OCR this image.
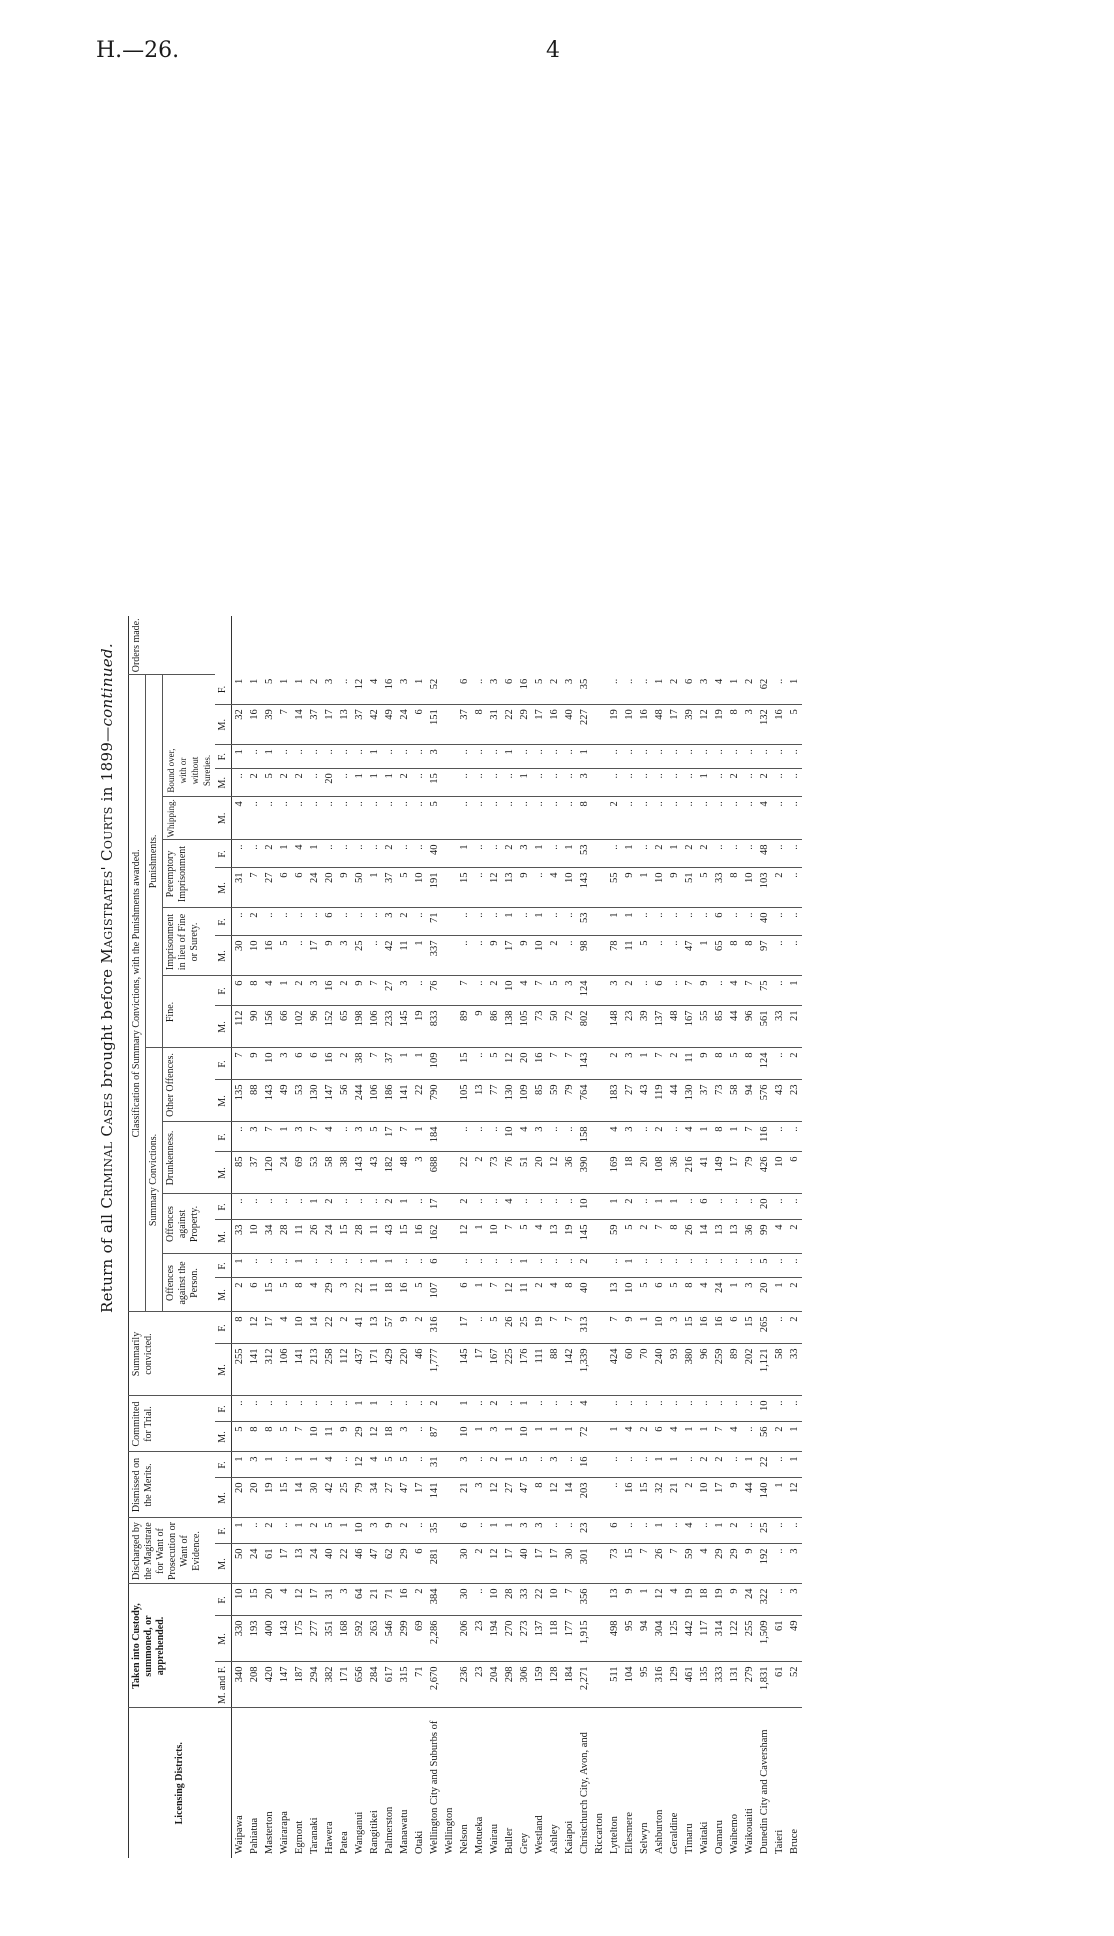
H.—26.	4
Return of all Criminal Cases brought before Magistrates' Courts in 1899—continued.
Licensing Districts.	Taken into Custody, summoned, or apprehended.			Discharged by the Magistrate for Want of Prosecution or Want of Evidence.		Dismissed on the Merits.		Committed for Trial.		Summarily convicted.		Classification of Summary Convictions, with the Punishments awarded.																			Orders made.
												Summary Convictions.								Punishments.											
												Offences against the Person.		Offences against Property.		Drunkenness.		Other Offences.		Fine.		Imprisonment in lieu of Fine or Surety.		Peremptory Imprisonment		Whipping.	Bound over, with or without Sureties.				
	M. and F.	M.	F.	M.	F.	M.	F.	M.	F.	M.	F.	M.	F.	M.	F.	M.	F.	M.	F.	M.	F.	M.	F.	M.	F.	M.	M.	F.	M.	F.	
Waipawa	340	330	10	50	1	20	1	5	..	255	8	2	1	33	..	85	..	135	7	112	6	30	..	31	..	4	..	1	32	1	
Pahiatua	208	193	15	24	..	20	3	8	..	141	12	6	..	10	..	37	3	88	9	90	8	10	2	7	..	..	2	..	16	1	
Masterton	420	400	20	61	2	19	1	8	..	312	17	15	..	34	..	120	7	143	10	156	4	16	..	27	2	..	5	1	39	5	
Wairarapa	147	143	4	17	..	15	..	5	..	106	4	5	..	28	..	24	1	49	3	66	1	5	..	6	1	..	2	..	7	1	
Egmont	187	175	12	13	1	14	1	7	..	141	10	8	1	11	..	69	3	53	6	102	2	..	..	6	4	..	2	..	14	1	
Taranaki	294	277	17	24	2	30	1	10	..	213	14	4	..	26	1	53	7	130	6	96	3	17	..	24	1	..	..	..	37	2	
Hawera	382	351	31	40	5	42	4	11	..	258	22	29	..	24	2	58	4	147	16	152	16	9	6	20	..	..	20	..	17	3	
Patea	171	168	3	22	1	25	..	9	..	112	2	3	..	15	..	38	..	56	2	65	2	3	..	9	..	..	..	..	13	..	
Wanganui	656	592	64	46	10	79	12	29	1	437	41	22	..	28	..	143	3	244	38	198	9	25	..	50	..	..	1	..	37	12	
Rangitikei	284	263	21	47	3	34	4	12	1	171	13	11	1	11	..	43	5	106	7	106	7	..	..	1	..	..	1	1	42	4	
Palmerston	617	546	71	62	9	27	5	18	..	429	57	18	1	43	2	182	17	186	37	233	27	42	3	37	2	..	1	..	49	16	
Manawatu	315	299	16	29	2	47	5	3	..	220	9	16	..	15	1	48	7	141	1	145	3	11	2	5	..	..	2	..	24	3	
Otaki	71	69	2	6	..	17	..	..	..	46	2	5	..	16	..	3	1	22	1	19	..	1	..	10	..	..	..	..	6	1	
Wellington City and Suburbs of Wellington	2,670	2,286	384	281	35	141	31	87	2	1,777	316	107	6	162	17	688	184	790	109	833	76	337	71	191	40	5	15	3	151	52	
Nelson	236	206	30	30	6	21	3	10	1	145	17	6	..	12	2	22	..	105	15	89	7	..	..	15	1	..	..	..	37	6	
Motueka	23	23	..	2	..	3	..	1	..	17	..	1	..	1	..	2	..	13	..	9	..	..	..	..	..	..	..	..	8	..	
Wairau	204	194	10	12	1	12	2	3	2	167	5	7	..	10	..	73	..	77	5	86	2	9	..	12	..	..	..	..	31	3	
Buller	298	270	28	17	1	27	1	1	..	225	26	12	..	7	4	76	10	130	12	138	10	17	1	13	2	..	..	1	22	6	
Grey	306	273	33	40	3	47	5	10	1	176	25	11	1	5	..	51	4	109	20	105	4	9	..	9	3	..	1	..	29	16	
Westland	159	137	22	17	3	8	..	1	..	111	19	2	..	4	..	20	3	85	16	73	7	10	1	..	1	..	..	..	17	5	
Ashley	128	118	10	17	..	12	3	1	..	88	7	4	..	13	..	12	..	59	7	50	5	2	..	4	..	..	..	..	16	2	
Kaiapoi	184	177	7	30	..	14	..	1	..	142	7	8	..	19	..	36	..	79	7	72	3	..	..	10	1	..	..	..	40	3	
Christchurch City, Avon, and Riccarton	2,271	1,915	356	301	23	203	16	72	4	1,339	313	40	2	145	10	390	158	764	143	802	124	98	53	143	53	8	3	1	227	35	
Lyttelton	511	498	13	73	6	..	..	1	..	424	7	13	..	59	1	169	4	183	2	148	3	78	1	55	..	2	..	..	19	..	
Ellesmere	104	95	9	15	..	16	..	4	..	60	9	10	1	5	2	18	3	27	3	23	2	11	1	9	1	..	..	..	10	..	
Selwyn	95	94	1	7	..	15	..	2	..	70	1	5	..	2	..	20	..	43	1	39	..	5	..	1	..	..	..	..	16	..	
Ashburton	316	304	12	26	1	32	1	6	..	240	10	6	..	7	1	108	2	119	7	137	6	..	..	10	2	..	..	..	48	1	
Geraldine	129	125	4	7	..	21	1	4	..	93	3	5	..	8	1	36	..	44	2	48	..	..	..	9	1	..	..	..	17	2	
Timaru	461	442	19	59	4	2	..	1	..	380	15	8	..	26	..	216	4	130	11	167	7	47	..	51	2	..	..	..	39	6	
Waitaki	135	117	18	4	..	10	2	1	..	96	16	4	..	14	6	41	1	37	9	55	9	1	..	5	2	..	1	..	12	3	
Oamaru	333	314	19	29	1	17	2	7	..	259	16	24	..	13	..	149	8	73	8	85	..	65	6	33	..	..	..	..	19	4	
Waihemo	131	122	9	29	2	9	..	4	..	89	6	1	..	13	..	17	1	58	5	44	4	8	..	8	..	..	2	..	8	1	
Waikouaiti	279	255	24	9	..	44	1	..	..	202	15	3	..	36	..	79	7	94	8	96	7	8	..	10	..	..	..	..	3	2	
Dunedin City and Caversham	1,831	1,509	322	192	25	140	22	56	10	1,121	265	20	5	99	20	426	116	576	124	561	75	97	40	103	48	4	2	..	132	62	
Taieri	61	61	..	..	..	1	..	2	..	58	..	1	..	4	..	10	..	43	..	33	..	..	..	2	..	..	..	..	16	..	
Bruce	52	49	3	3	..	12	1	1	..	33	2	2	..	2	..	6	..	23	2	21	1	..	..	..	..	..	..	..	5	1	
